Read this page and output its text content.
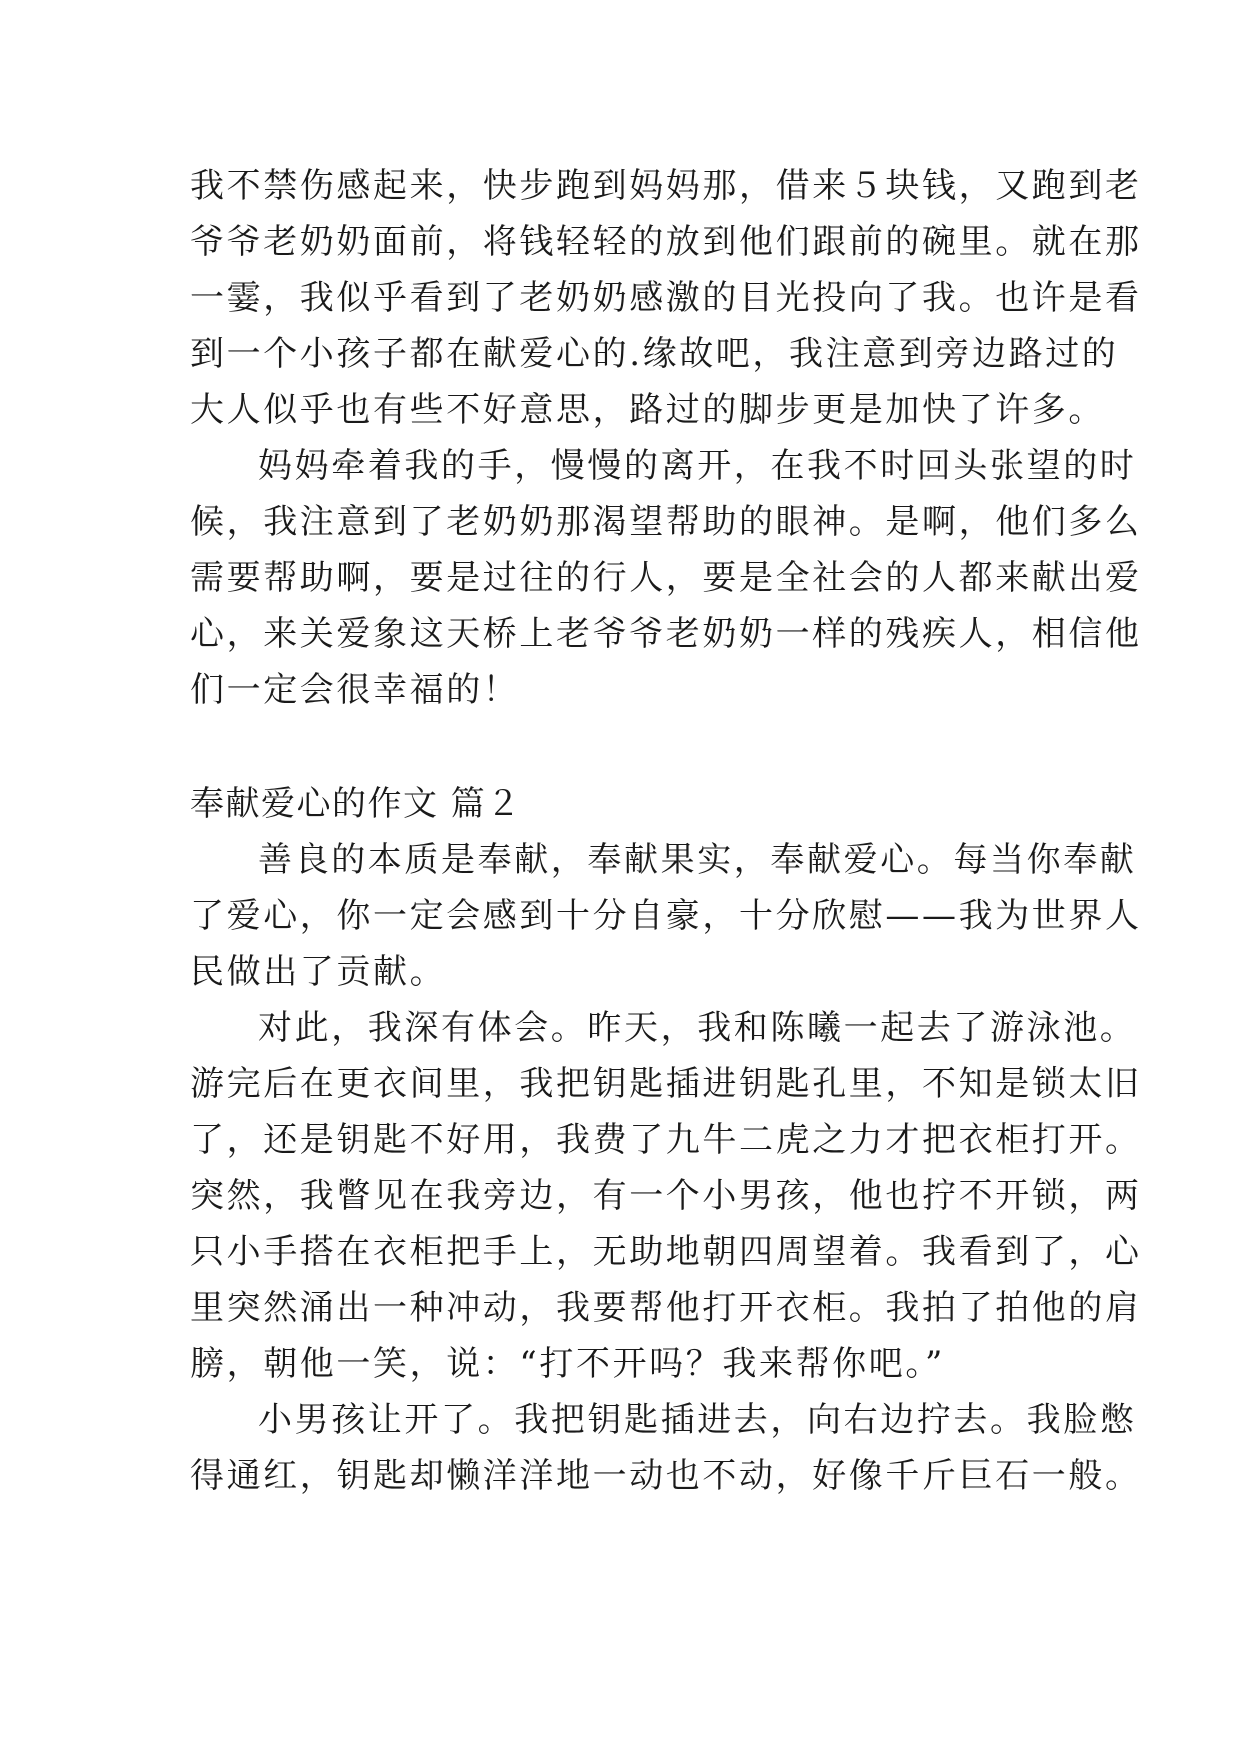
我不禁伤感起来，快步跑到妈妈那，借来５块钱，又跑到老
爷爷老奶奶面前，将钱轻轻的放到他们跟前的碗里。就在那
一霎，我似乎看到了老奶奶感激的目光投向了我。也许是看
到一个小孩子都在献爱心的.缘故吧，我注意到旁边路过的
大人似乎也有些不好意思，路过的脚步更是加快了许多。
妈妈牵着我的手，慢慢的离开，在我不时回头张望的时
候，我注意到了老奶奶那渴望帮助的眼神。是啊，他们多么
需要帮助啊，要是过往的行人，要是全社会的人都来献出爱
心，来关爱象这天桥上老爷爷老奶奶一样的残疾人，相信他
们一定会很幸福的！
奉献爱心的作文 篇２
善良的本质是奉献，奉献果实，奉献爱心。每当你奉献
了爱心，你一定会感到十分自豪，十分欣慰——我为世界人
民做出了贡献。
对此，我深有体会。昨天，我和陈曦一起去了游泳池。
游完后在更衣间里，我把钥匙插进钥匙孔里，不知是锁太旧
了，还是钥匙不好用，我费了九牛二虎之力才把衣柜打开。
突然，我瞥见在我旁边，有一个小男孩，他也拧不开锁，两
只小手搭在衣柜把手上，无助地朝四周望着。我看到了，心
里突然涌出一种冲动，我要帮他打开衣柜。我拍了拍他的肩
膀，朝他一笑，说：“打不开吗？我来帮你吧。”
小男孩让开了。我把钥匙插进去，向右边拧去。我脸憋
得通红，钥匙却懒洋洋地一动也不动，好像千斤巨石一般。
